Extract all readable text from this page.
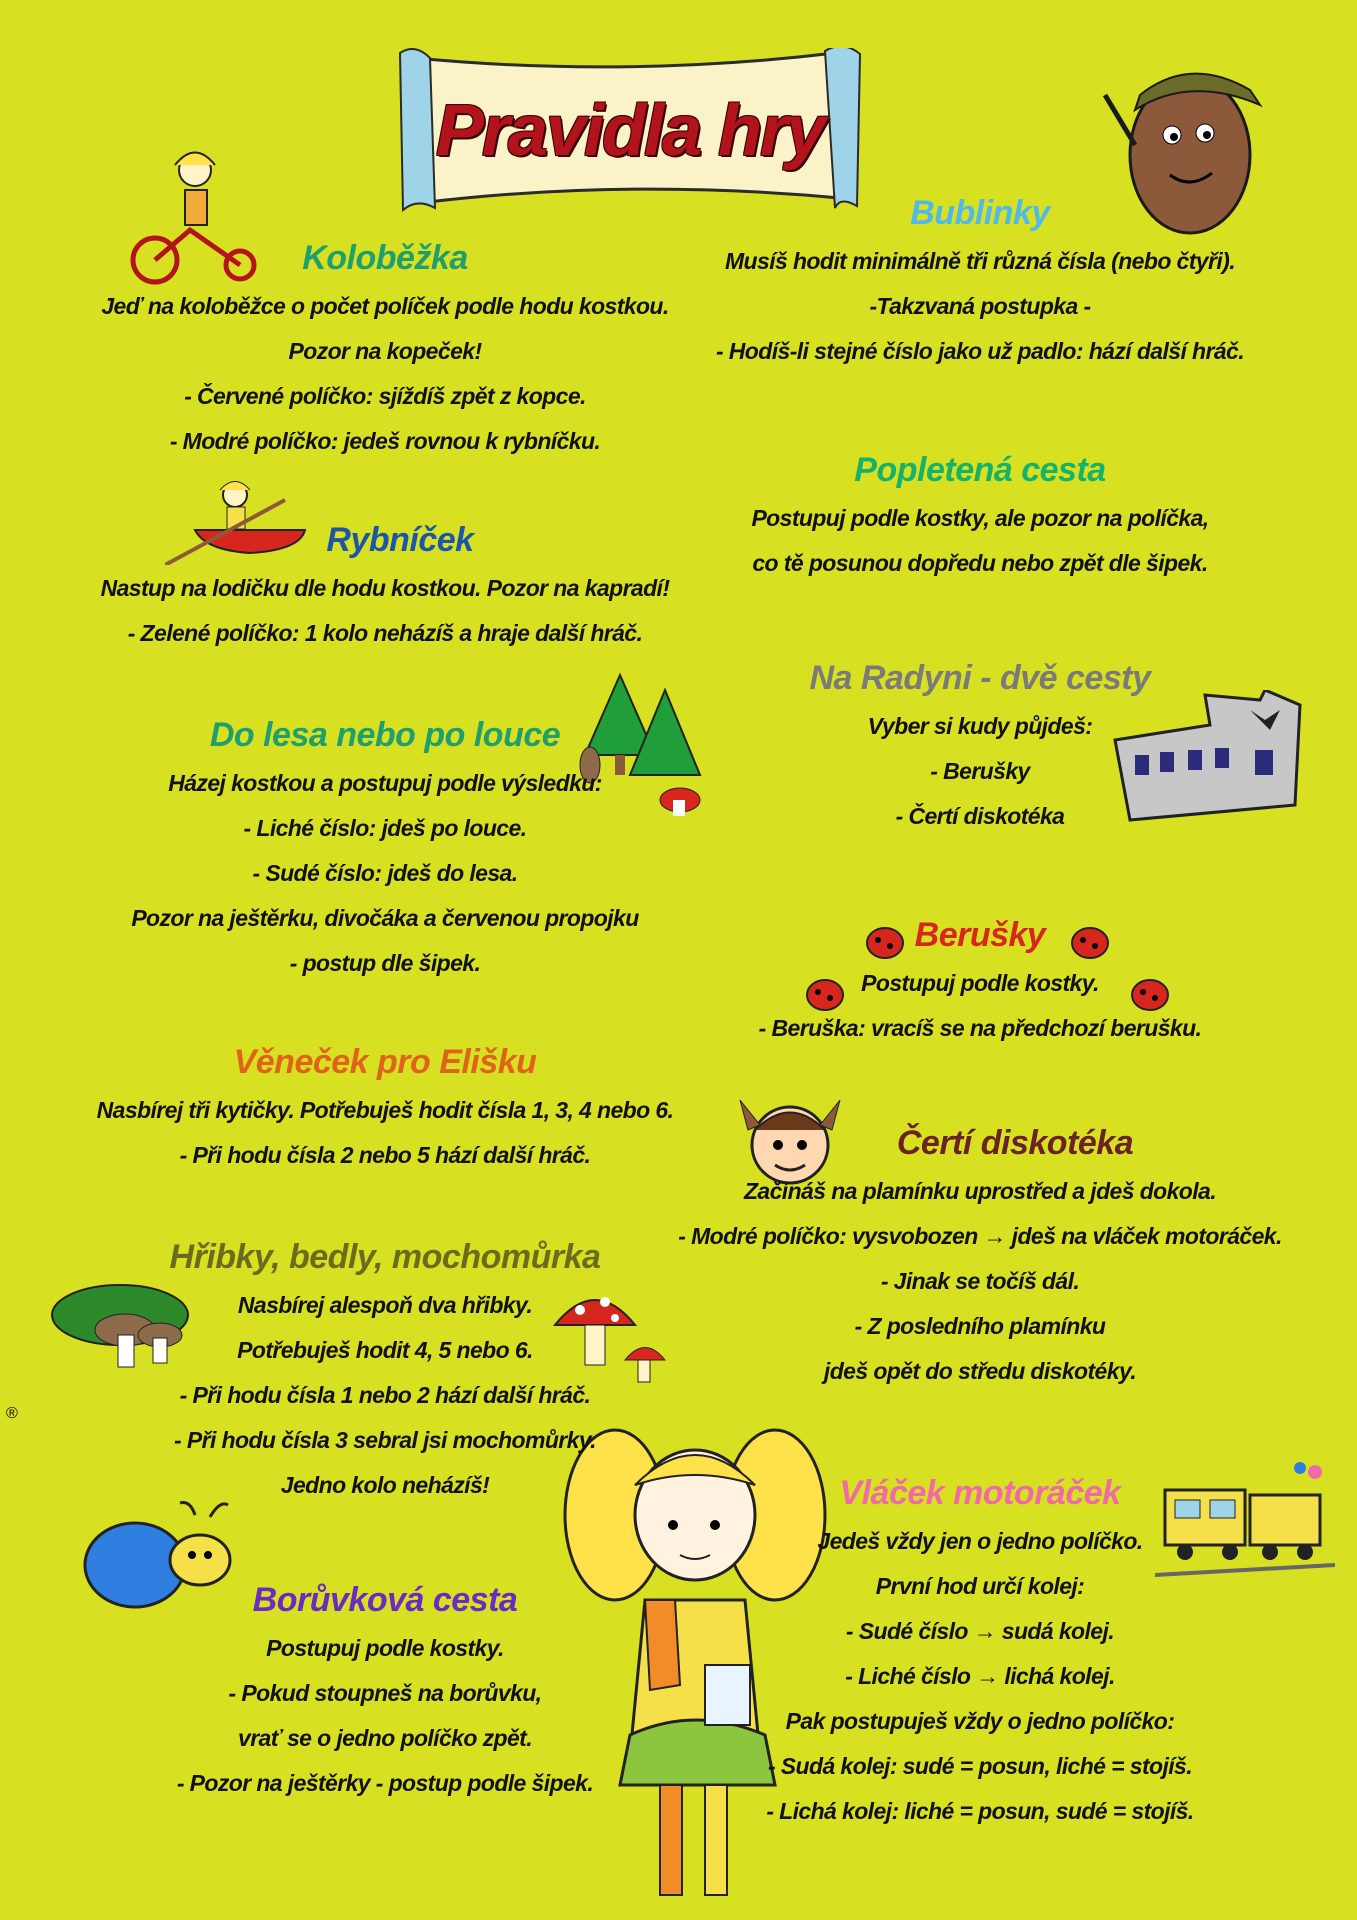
Pravidla hry
Koloběžka

Jeď na koloběžce o počet políček podle hodu kostkou.

Pozor na kopeček!

- Červené políčko: sjíždíš zpět z kopce.

- Modré políčko: jedeš rovnou k rybníčku.

Rybníček

Nastup na lodičku dle hodu kostkou. Pozor na kapradí!

- Zelené políčko: 1 kolo neházíš a hraje další hráč.

Do lesa nebo po louce

Házej kostkou a postupuj podle výsledku:

- Liché číslo: jdeš po louce.

- Sudé číslo: jdeš do lesa.

Pozor na ještěrku, divočáka a červenou propojku

- postup dle šipek.

Věneček pro Elišku

Nasbírej tři kytičky. Potřebuješ hodit čísla 1, 3, 4 nebo 6.

- Při hodu čísla 2 nebo 5 hází další hráč.

Hřibky, bedly, mochomůrka

Nasbírej alespoň dva hřibky.

Potřebuješ hodit 4, 5 nebo 6.

- Při hodu čísla 1 nebo 2 hází další hráč.

- Při hodu čísla 3 sebral jsi mochomůrky.

Jedno kolo neházíš!

Borůvková cesta

Postupuj podle kostky.

- Pokud stoupneš na borůvku,

vrať se o jedno políčko zpět.

- Pozor na ještěrky - postup podle šipek.

Bublinky

Musíš hodit minimálně tři různá čísla (nebo čtyři).

-Takzvaná postupka -

- Hodíš-li stejné číslo jako už padlo: hází další hráč.

Popletená cesta

Postupuj podle kostky, ale pozor na políčka,

co tě posunou dopředu nebo zpět dle šipek.

Na Radyni - dvě cesty

Vyber si kudy půjdeš:

- Berušky

- Čertí diskotéka

Berušky

Postupuj podle kostky.

- Beruška: vracíš se na předchozí berušku.

Čertí diskotéka

Začínáš na plamínku uprostřed a jdeš dokola.

- Modré políčko: vysvobozen → jdeš na vláček motoráček.

- Jinak se točíš dál.

- Z posledního plamínku

jdeš opět do středu diskotéky.

Vláček motoráček

Jedeš vždy jen o jedno políčko.

První hod určí kolej:

- Sudé číslo → sudá kolej.

- Liché číslo → lichá kolej.

Pak postupuješ vždy o jedno políčko:

- Sudá kolej: sudé = posun, liché = stojíš.

- Lichá kolej: liché = posun, sudé = stojíš.

®
